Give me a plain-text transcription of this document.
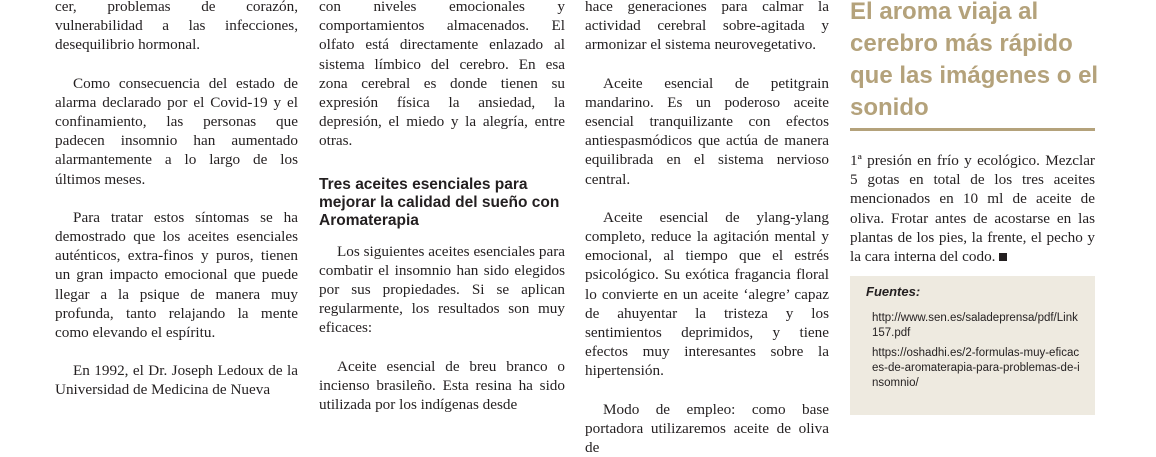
cer, problemas de corazón, vulnerabilidad a las infecciones, desequilibrio hormonal.

Como consecuencia del estado de alarma declarado por el Covid-19 y el confinamiento, las personas que padecen insomnio han aumentado alarmantemente a lo largo de los últimos meses.

Para tratar estos síntomas se ha demostrado que los aceites esenciales auténticos, extra-finos y puros, tienen un gran impacto emocional que puede llegar a la psique de manera muy profunda, tanto relajando la mente como elevando el espíritu.

En 1992, el Dr. Joseph Ledoux de la Universidad de Medicina de Nueva

con niveles emocionales y comportamientos almacenados. El olfato está directamente enlazado al sistema límbico del cerebro. En esa zona cerebral es donde tienen su expresión física la ansiedad, la depresión, el miedo y la alegría, entre otras.

Tres aceites esenciales para mejorar la calidad del sueño con Aromaterapia

Los siguientes aceites esenciales para combatir el insomnio han sido elegidos por sus propiedades. Si se aplican regularmente, los resultados son muy eficaces:

Aceite esencial de breu branco o incienso brasileño. Esta resina ha sido utilizada por los indígenas desde

hace generaciones para calmar la actividad cerebral sobre-agitada y armonizar el sistema neurovegetativo.

Aceite esencial de petitgrain mandarino. Es un poderoso aceite esencial tranquilizante con efectos antiespasmódicos que actúa de manera equilibrada en el sistema nervioso central.

Aceite esencial de ylang-ylang completo, reduce la agitación mental y emocional, al tiempo que el estrés psicológico. Su exótica fragancia floral lo convierte en un aceite ‘alegre’ capaz de ahuyentar la tristeza y los sentimientos deprimidos, y tiene efectos muy interesantes sobre la hipertensión.

Modo de empleo: como base portadora utilizaremos aceite de oliva de

El aroma viaja al cerebro más rápido que las imágenes o el sonido
1ª presión en frío y ecológico. Mezclar 5 gotas en total de los tres aceites mencionados en 10 ml de aceite de oliva. Frotar antes de acostarse en las plantas de los pies, la frente, el pecho y la cara interna del codo.
Fuentes:
http://www.sen.es/saladeprensa/pdf/Link157.pdf
https://oshadhi.es/2-formulas-muy-eficaces-de-aromaterapia-para-problemas-de-insomnio/
